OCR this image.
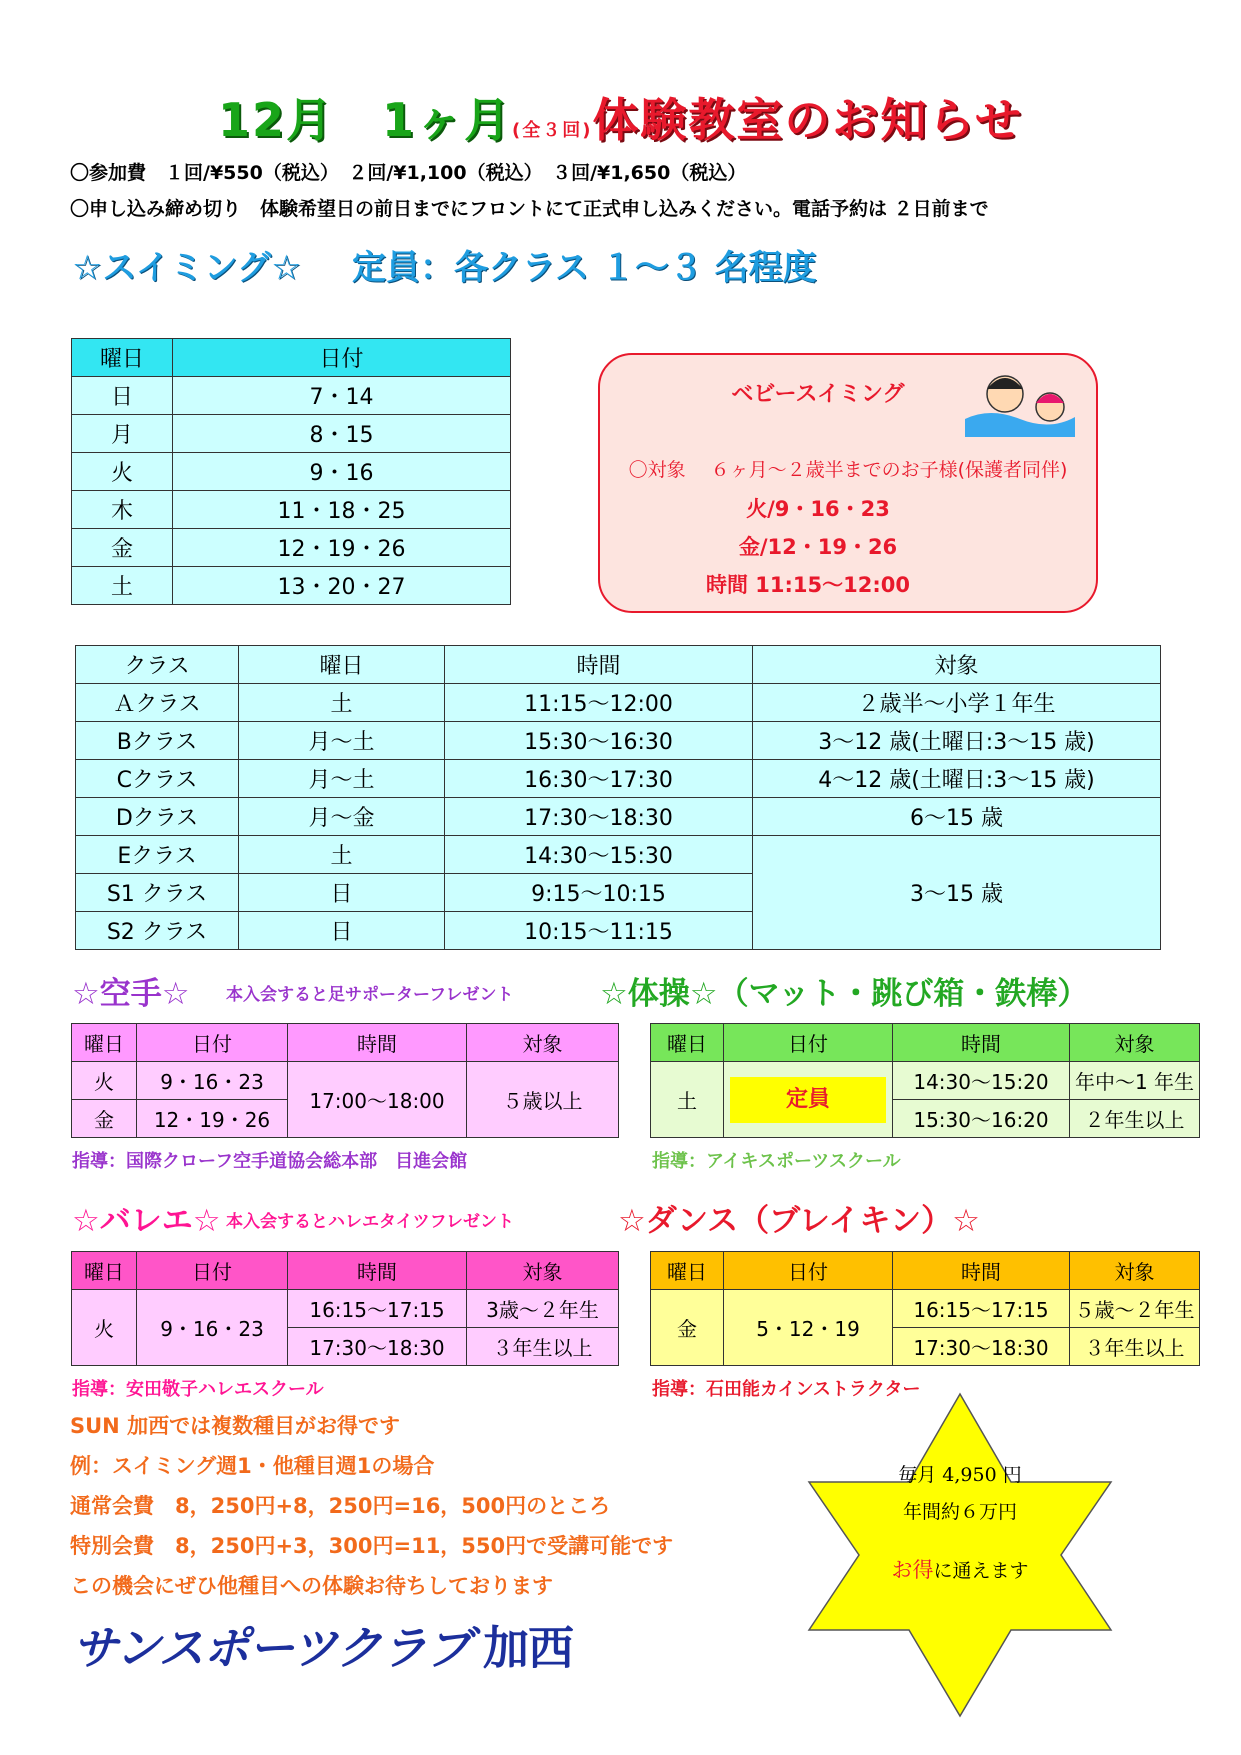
12月　1ヶ月(全３回)体験教室のお知らせ
〇参加費　１回/¥550（税込）　２回/¥1,100（税込）　３回/¥1,650（税込）
〇申し込み締め切り　体験希望日の前日までにフロントにて正式申し込みください。電話予約は ２日前まで
☆スイミング☆ 定員：各クラス １～３ 名程度
曜日	日付
日	7・14
月	8・15
火	9・16
木	11・18・25
金	12・19・26
土	13・20・27
ベビースイミング
〇対象　 ６ヶ月～２歳半までのお子様(保護者同伴)
火/9・16・23
金/12・19・26
時間 11:15～12:00
クラス	曜日	時間	対象
Ａクラス	土	11:15～12:00	２歳半～小学１年生
Bクラス	月～土	15:30～16:30	3～12 歳(土曜日:3～15 歳)
Cクラス	月～土	16:30～17:30	4～12 歳(土曜日:3～15 歳)
Dクラス	月～金	17:30～18:30	6～15 歳
Eクラス	土	14:30～15:30	3～15 歳
S1 クラス	日	9:15～10:15	
S2 クラス	日	10:15～11:15	
☆空手☆ 本入会すると足サポーターフレゼント	☆体操☆（マット・跳び箱・鉄棒）
曜日	日付	時間	対象
火	9・16・23	17:00～18:00	５歳以上
金	12・19・26		
指導：国際クローフ空手道協会総本部　目進会館
曜日	日付	時間	対象
土	定員	14:30～15:20	年中～1 年生
		15:30～16:20	２年生以上
指導：アイキスポーツスクール
☆バレエ☆ 本入会するとハレエタイツフレゼント	☆ダンス（ブレイキン）☆
曜日	日付	時間	対象
火	9・16・23	16:15～17:15	3歳～２年生
		17:30～18:30	３年生以上
指導：安田敬子ハレエスクール
曜日	日付	時間	対象
金	5・12・19	16:15～17:15	５歳～２年生
		17:30～18:30	３年生以上
指導：石田能カインストラクター
SUN 加西では複数種目がお得です
例：スイミング週1・他種目週1の場合
通常会費　8，250円+8，250円=16，500円のところ
特別会費　8，250円+3，300円=11，550円で受講可能です
この機会にぜひ他種目への体験お待ちしております
毎月 4,950 円
年間約６万円
お得に通えます
サンスポーツクラブ 加西
